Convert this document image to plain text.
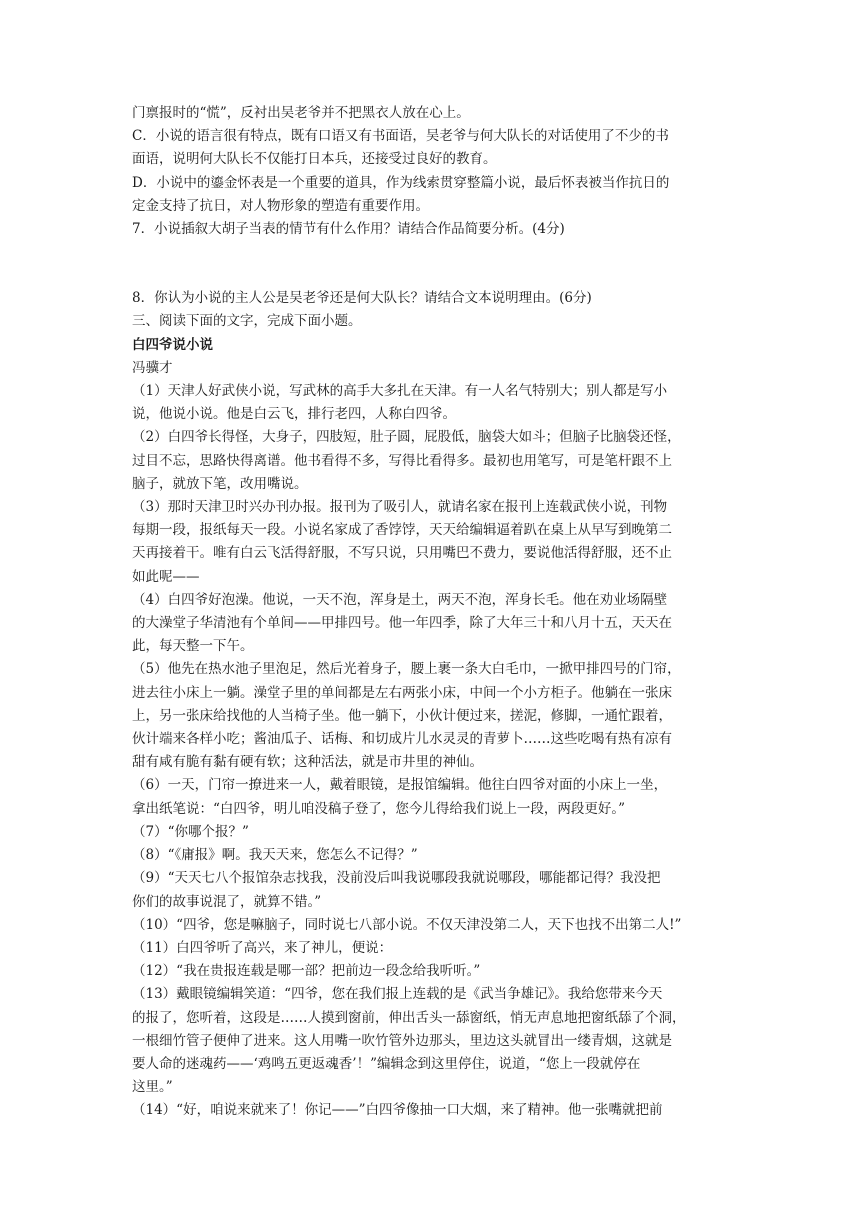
门禀报时的“慌”，反衬出吴老爷并不把黑衣人放在心上。

C．小说的语言很有特点，既有口语又有书面语，吴老爷与何大队长的对话使用了不少的书

面语，说明何大队长不仅能打日本兵，还接受过良好的教育。

D．小说中的鎏金怀表是一个重要的道具，作为线索贯穿整篇小说，最后怀表被当作抗日的

定金支持了抗日，对人物形象的塑造有重要作用。

7．小说插叙大胡子当表的情节有什么作用？请结合作品简要分析。(4分)

8．你认为小说的主人公是吴老爷还是何大队长？请结合文本说明理由。(6分)

三、阅读下面的文字，完成下面小题。

白四爷说小说

冯骥才

（1）天津人好武侠小说，写武林的高手大多扎在天津。有一人名气特别大；别人都是写小

说，他说小说。他是白云飞，排行老四，人称白四爷。

（2）白四爷长得怪，大身子，四肢短，肚子圆，屁股低，脑袋大如斗；但脑子比脑袋还怪，

过目不忘，思路快得离谱。他书看得不多，写得比看得多。最初也用笔写，可是笔杆跟不上

脑子，就放下笔，改用嘴说。

（3）那时天津卫时兴办刊办报。报刊为了吸引人，就请名家在报刊上连载武侠小说，刊物

每期一段，报纸每天一段。小说名家成了香饽饽，天天给编辑逼着趴在桌上从早写到晚第二

天再接着干。唯有白云飞活得舒服，不写只说，只用嘴巴不费力，要说他活得舒服，还不止

如此呢——

（4）白四爷好泡澡。他说，一天不泡，浑身是土，两天不泡，浑身长毛。他在劝业场隔壁

的大澡堂子华清池有个单间——甲排四号。他一年四季，除了大年三十和八月十五，天天在

此，每天整一下午。

（5）他先在热水池子里泡足，然后光着身子，腰上裹一条大白毛巾，一掀甲排四号的门帘，

进去往小床上一躺。澡堂子里的单间都是左右两张小床，中间一个小方柜子。他躺在一张床

上，另一张床给找他的人当椅子坐。他一躺下，小伙计便过来，搓泥，修脚，一通忙跟着，

伙计端来各样小吃；酱油瓜子、话梅、和切成片儿水灵灵的青萝卜……这些吃喝有热有凉有

甜有咸有脆有黏有硬有软；这种活法，就是市井里的神仙。

（6）一天，门帘一撩进来一人，戴着眼镜，是报馆编辑。他往白四爷对面的小床上一坐，

拿出纸笔说：“白四爷，明儿咱没稿子登了，您今儿得给我们说上一段，两段更好。”

（7）“你哪个报？”

（8）“《庸报》啊。我天天来，您怎么不记得？”

（9）“天天七八个报馆杂志找我，没前没后叫我说哪段我就说哪段，哪能都记得？我没把

你们的故事说混了，就算不错。”

（10）“四爷，您是嘛脑子，同时说七八部小说。不仅天津没第二人，天下也找不出第二人!”

（11）白四爷听了高兴，来了神儿，便说：

（12）“我在贵报连载是哪一部？把前边一段念给我听听。”

（13）戴眼镜编辑笑道：“四爷，您在我们报上连载的是《武当争雄记》。我给您带来今天

的报了，您听着，这段是……人摸到窗前，伸出舌头一舔窗纸，悄无声息地把窗纸舔了个洞，

一根细竹管子便伸了进来。这人用嘴一吹竹管外边那头，里边这头就冒出一缕青烟，这就是

要人命的迷魂药——‘鸡鸣五更返魂香’！”编辑念到这里停住，说道，“您上一段就停在

这里。”

（14）“好，咱说来就来了！你记——”白四爷像抽一口大烟，来了精神。他一张嘴就把前
